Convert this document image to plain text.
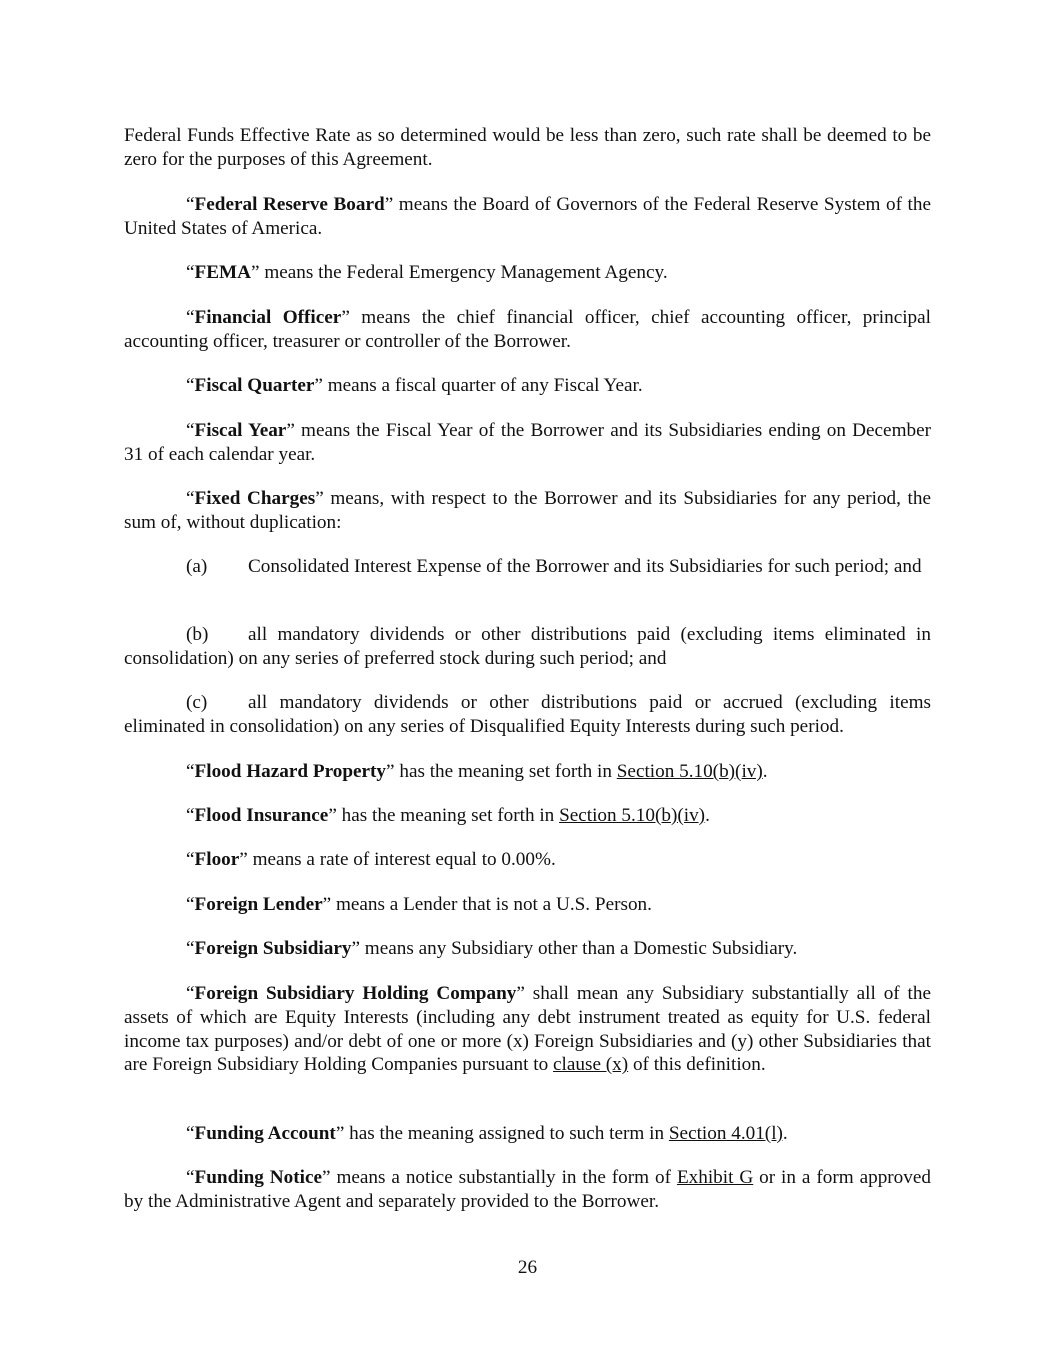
Federal Funds Effective Rate as so determined would be less than zero, such rate shall be deemed to be zero for the purposes of this Agreement.

“Federal Reserve Board” means the Board of Governors of the Federal Reserve System of the United States of America.

“FEMA” means the Federal Emergency Management Agency.

“Financial Officer” means the chief financial officer, chief accounting officer, principal accounting officer, treasurer or controller of the Borrower.

“Fiscal Quarter” means a fiscal quarter of any Fiscal Year.

“Fiscal Year” means the Fiscal Year of the Borrower and its Subsidiaries ending on December 31 of each calendar year.

“Fixed Charges” means, with respect to the Borrower and its Subsidiaries for any period, the sum of, without duplication:

(a) Consolidated Interest Expense of the Borrower and its Subsidiaries for such period; and

(b) all mandatory dividends or other distributions paid (excluding items eliminated in consolidation) on any series of preferred stock during such period; and

(c) all mandatory dividends or other distributions paid or accrued (excluding items eliminated in consolidation) on any series of Disqualified Equity Interests during such period.

“Flood Hazard Property” has the meaning set forth in Section 5.10(b)(iv).

“Flood Insurance” has the meaning set forth in Section 5.10(b)(iv).

“Floor” means a rate of interest equal to 0.00%.

“Foreign Lender” means a Lender that is not a U.S. Person.

“Foreign Subsidiary” means any Subsidiary other than a Domestic Subsidiary.

“Foreign Subsidiary Holding Company” shall mean any Subsidiary substantially all of the assets of which are Equity Interests (including any debt instrument treated as equity for U.S. federal income tax purposes) and/or debt of one or more (x) Foreign Subsidiaries and (y) other Subsidiaries that are Foreign Subsidiary Holding Companies pursuant to clause (x) of this definition.

“Funding Account” has the meaning assigned to such term in Section 4.01(l).

“Funding Notice” means a notice substantially in the form of Exhibit G or in a form approved by the Administrative Agent and separately provided to the Borrower.

26
